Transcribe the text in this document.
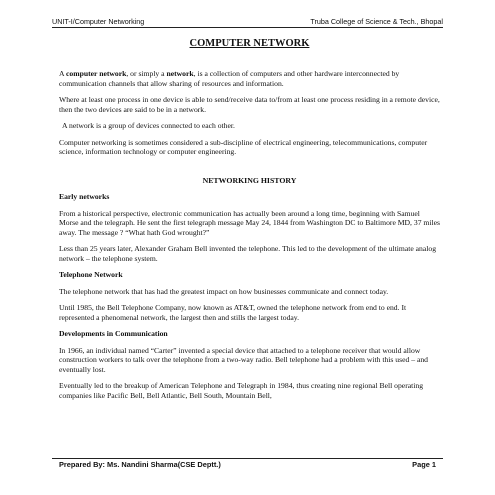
UNIT-I/Computer Networking	Truba College of Science & Tech., Bhopal
COMPUTER NETWORK

A computer network, or simply a network, is a collection of computers and other hardware interconnected by communication channels that allow sharing of resources and information.

Where at least one process in one device is able to send/receive data to/from at least one process residing in a remote device, then the two devices are said to be in a network.

A network is a group of devices connected to each other.

Computer networking is sometimes considered a sub-discipline of electrical engineering, telecommunications, computer science, information technology or computer engineering.

NETWORKING HISTORY
Early networks

From a historical perspective, electronic communication has actually been around a long time, beginning with Samuel Morse and the telegraph. He sent the first telegraph message May 24, 1844 from Washington DC to Baltimore MD, 37 miles away. The message ? “What hath God wrought?”

Less than 25 years later, Alexander Graham Bell invented the telephone. This led to the development of the ultimate analog network – the telephone system.

Telephone Network

The telephone network that has had the greatest impact on how businesses communicate and connect today.

Until 1985, the Bell Telephone Company, now known as AT&T, owned the telephone network from end to end. It represented a phenomenal network, the largest then and stills the largest today.

Developments in Communication

In 1966, an individual named “Carter” invented a special device that attached to a telephone receiver that would allow construction workers to talk over the telephone from a two-way radio. Bell telephone had a problem with this used – and eventually lost.

Eventually led to the breakup of American Telephone and Telegraph in 1984, thus creating nine regional Bell operating companies like Pacific Bell, Bell Atlantic, Bell South, Mountain Bell,

Prepared By: Ms. Nandini Sharma(CSE Deptt.)	Page 1
